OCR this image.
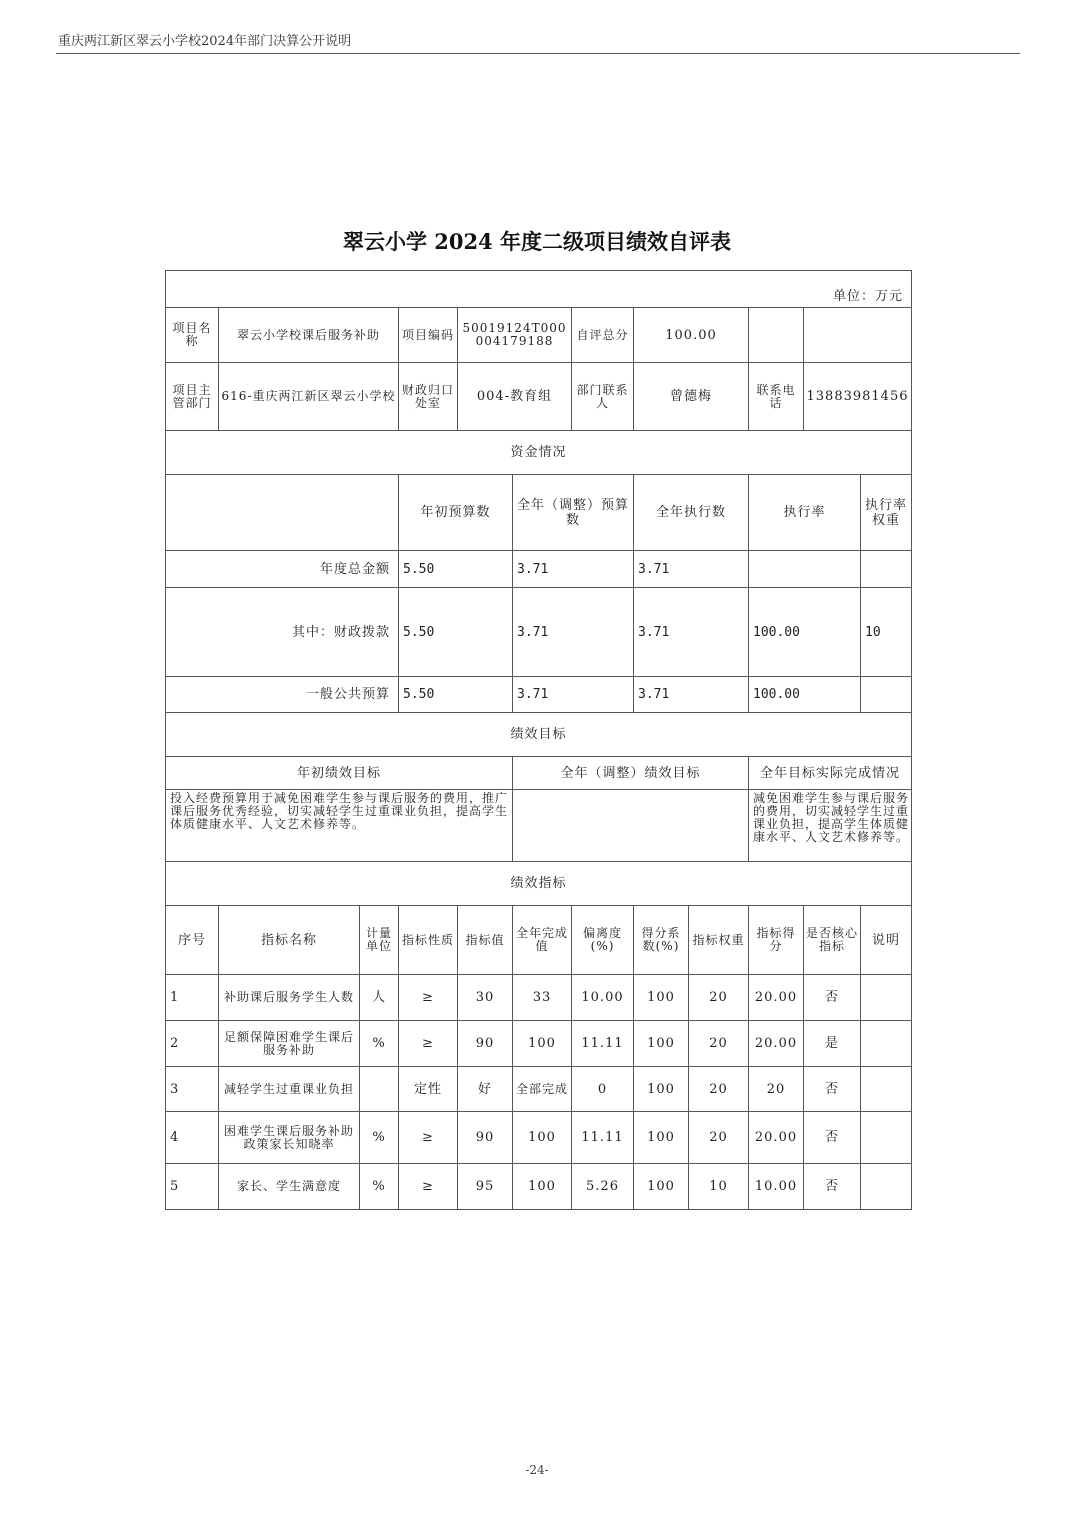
重庆两江新区翠云小学校2024年部门决算公开说明
翠云小学 2024 年度二级项目绩效自评表
单位：万元												
项目名称	翠云小学校课后服务补助		项目编码	50019124T000004179188		自评总分	100.00					
项目主管部门	616-重庆两江新区翠云小学校		财政归口处室	004-教育组		部门联系人	曾德梅		联系电话	13883981456		
资金情况												
			年初预算数		全年（调整）预算数		全年执行数		执行率		执行率权重	
年度总金额			5.50		3.71		3.71					
其中：财政拨款			5.50		3.71		3.71		100.00		10	
一般公共预算			5.50		3.71		3.71		100.00			
绩效目标												
年初绩效目标					全年（调整）绩效目标				全年目标实际完成情况			
投入经费预算用于减免困难学生参与课后服务的费用，推广课后服务优秀经验，切实减轻学生过重课业负担，提高学生体质健康水平、人文艺术修养等。									减免困难学生参与课后服务的费用，切实减轻学生过重课业负担，提高学生体质健康水平、人文艺术修养等。			
绩效指标												
序号	指标名称	计量单位	指标性质	指标值	全年完成值	偏离度(%)	得分系数(%)	指标权重	指标得分	是否核心指标	说明	
1	补助课后服务学生人数	人	≥	30	33	10.00	100	20	20.00	否		
2	足额保障困难学生课后服务补助	%	≥	90	100	11.11	100	20	20.00	是		
3	减轻学生过重课业负担		定性	好	全部完成	0	100	20	20	否		
4	困难学生课后服务补助政策家长知晓率	%	≥	90	100	11.11	100	20	20.00	否		
5	家长、学生满意度	%	≥	95	100	5.26	100	10	10.00	否		
-24-
